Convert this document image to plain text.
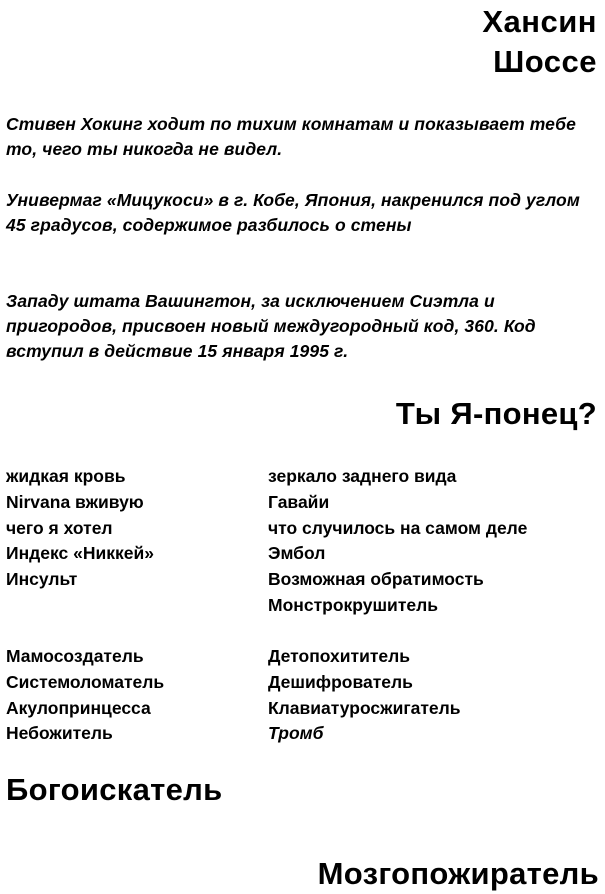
Хансин
Шоссе
Стивен Хокинг ходит по тихим комнатам и показывает тебе то, чего ты никогда не видел.
Универмаг «Мицукоси» в г. Кобе, Япония, накренился под углом 45 градусов, содержимое разбилось о стены
Западу штата Вашингтон, за исключением Сиэтла и пригородов, присвоен новый междугородный код, 360. Код вступил в действие 15 января 1995 г.
Ты Я-понец?
жидкая кровь
Nirvana вживую
чего я хотел
Индекс «Никкей»
Инсульт
зеркало заднего вида
Гавайи
что случилось на самом деле
Эмбол
Возможная обратимость
Монстрокрушитель
Мамосоздатель
Системоломатель
Акулопринцесса
Небожитель
Детопохититель
Дешифрователь
Клавиатуросжигатель
Тромб
Богоискатель
Мозгопожиратель
